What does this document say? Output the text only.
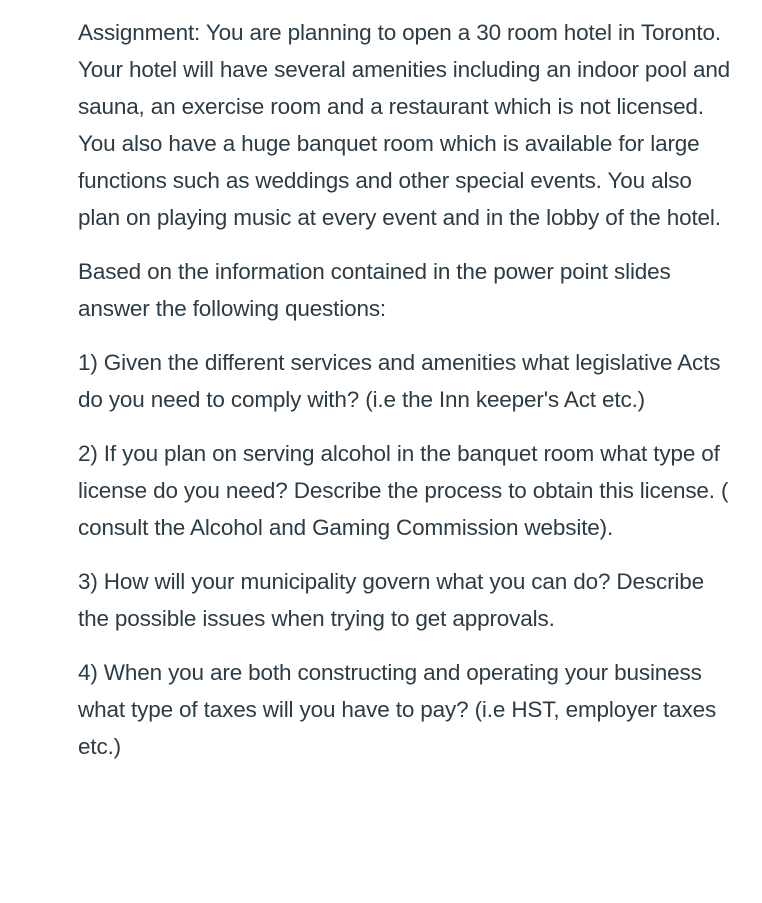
Assignment: You are planning to open a 30 room hotel in Toronto. Your hotel will have several amenities including an indoor pool and sauna, an exercise room and a restaurant which is not licensed. You also have a huge banquet room which is available for large functions such as weddings and other special events. You also plan on playing music at every event and in the lobby of the hotel.

Based on the information contained in the power point slides answer the following questions:

1) Given the different services and amenities what legislative Acts do you need to comply with? (i.e the Inn keeper's Act etc.)

2) If you plan on serving alcohol in the banquet room what type of license do you need? Describe the process to obtain this license. ( consult the Alcohol and Gaming Commission website).

3) How will your municipality govern what you can do? Describe the possible issues when trying to get approvals.

4) When you are both constructing and operating your business what type of taxes will you have to pay? (i.e HST, employer taxes etc.)
